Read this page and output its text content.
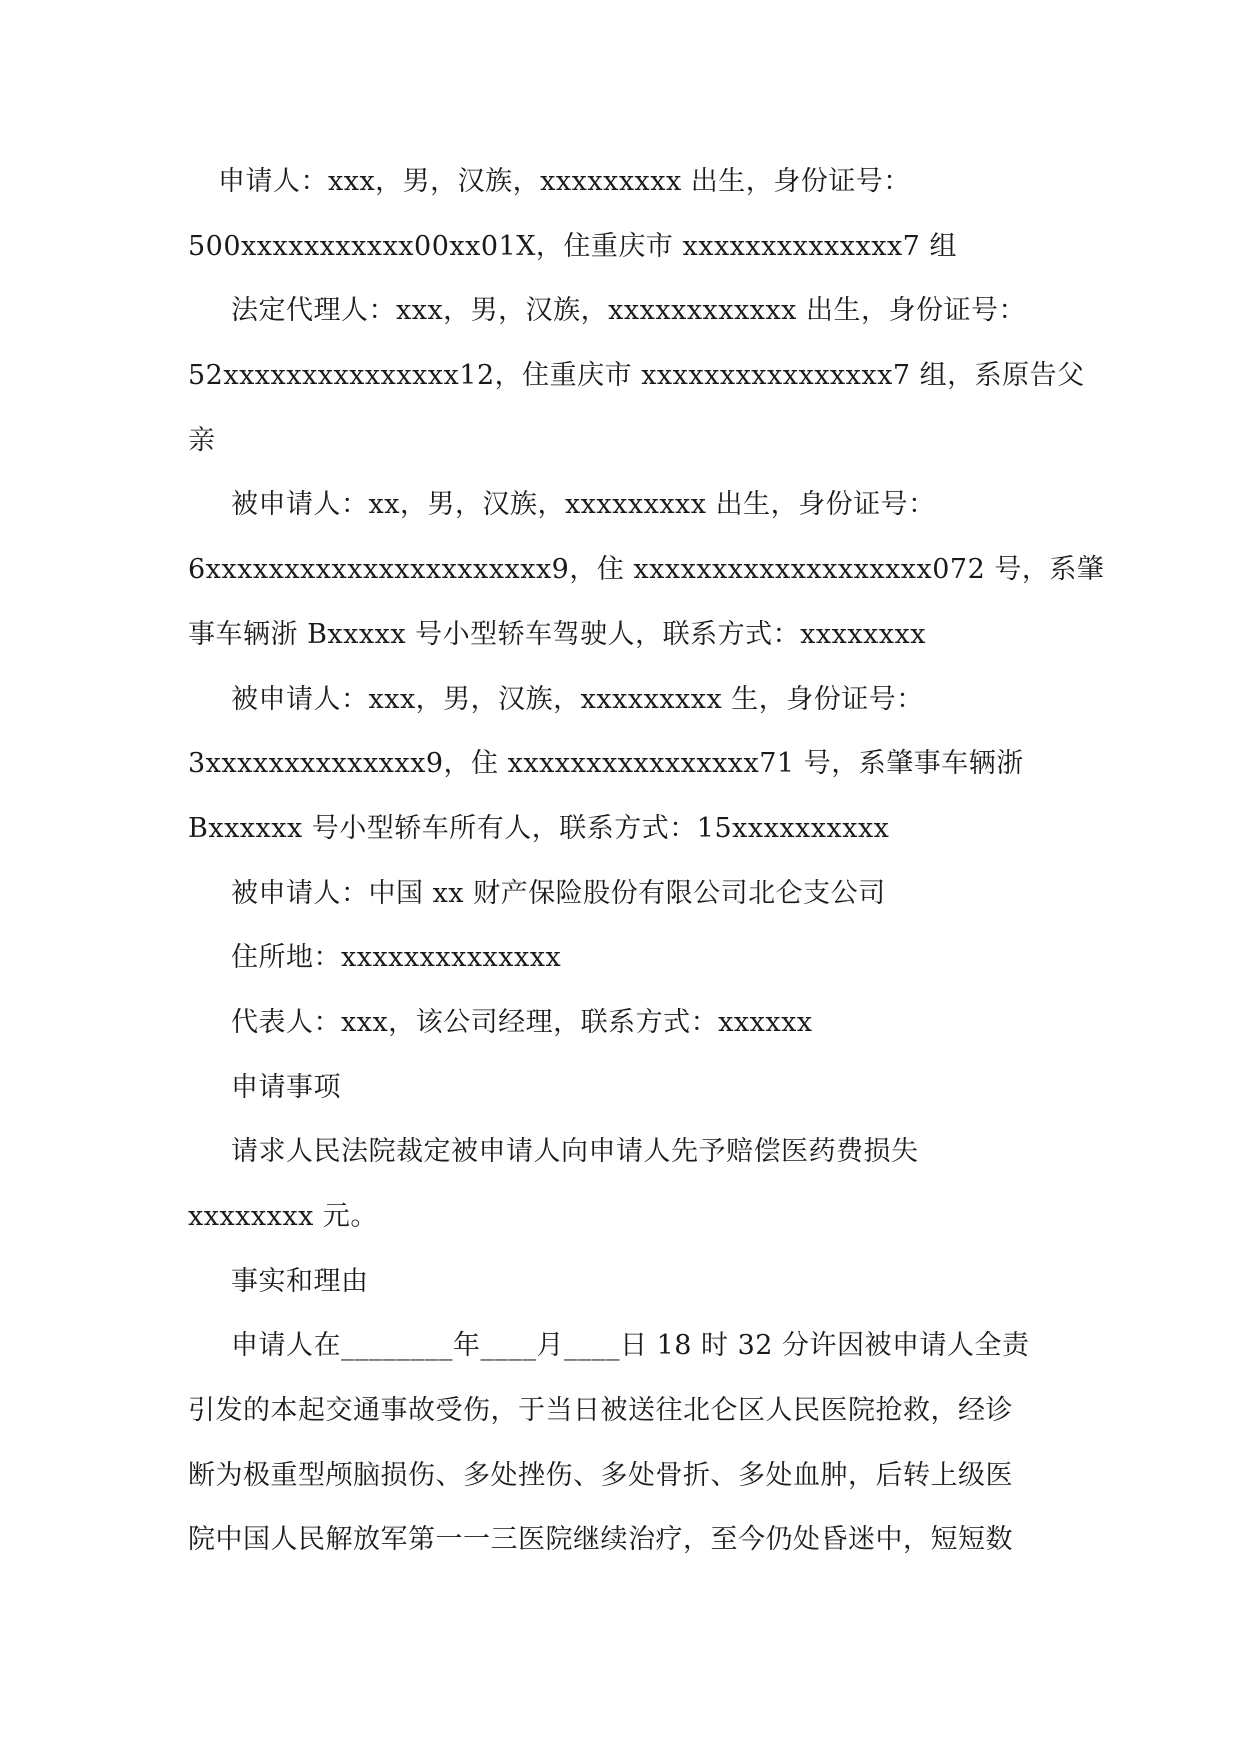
申请人：xxx，男，汉族，xxxxxxxxx 出生，身份证号：
500xxxxxxxxxxx00xx01X，住重庆市 xxxxxxxxxxxxxx7 组
法定代理人：xxx，男，汉族，xxxxxxxxxxxx 出生，身份证号：
52xxxxxxxxxxxxxxx12，住重庆市 xxxxxxxxxxxxxxxx7 组，系原告父
亲
被申请人：xx，男，汉族，xxxxxxxxx 出生，身份证号：
6xxxxxxxxxxxxxxxxxxxxxx9，住 xxxxxxxxxxxxxxxxxxx072 号，系肇
事车辆浙 Bxxxxx 号小型轿车驾驶人，联系方式：xxxxxxxx
被申请人：xxx，男，汉族，xxxxxxxxx 生，身份证号：
3xxxxxxxxxxxxxx9，住 xxxxxxxxxxxxxxxx71 号，系肇事车辆浙
Bxxxxxx 号小型轿车所有人，联系方式：15xxxxxxxxxx
被申请人：中国 xx 财产保险股份有限公司北仑支公司
住所地：xxxxxxxxxxxxxx
代表人：xxx，该公司经理，联系方式：xxxxxx
申请事项
请求人民法院裁定被申请人向申请人先予赔偿医药费损失
xxxxxxxx 元。
事实和理由
申请人在________年____月____日 18 时 32 分许因被申请人全责
引发的本起交通事故受伤，于当日被送往北仑区人民医院抢救，经诊
断为极重型颅脑损伤、多处挫伤、多处骨折、多处血肿，后转上级医
院中国人民解放军第一一三医院继续治疗，至今仍处昏迷中，短短数
